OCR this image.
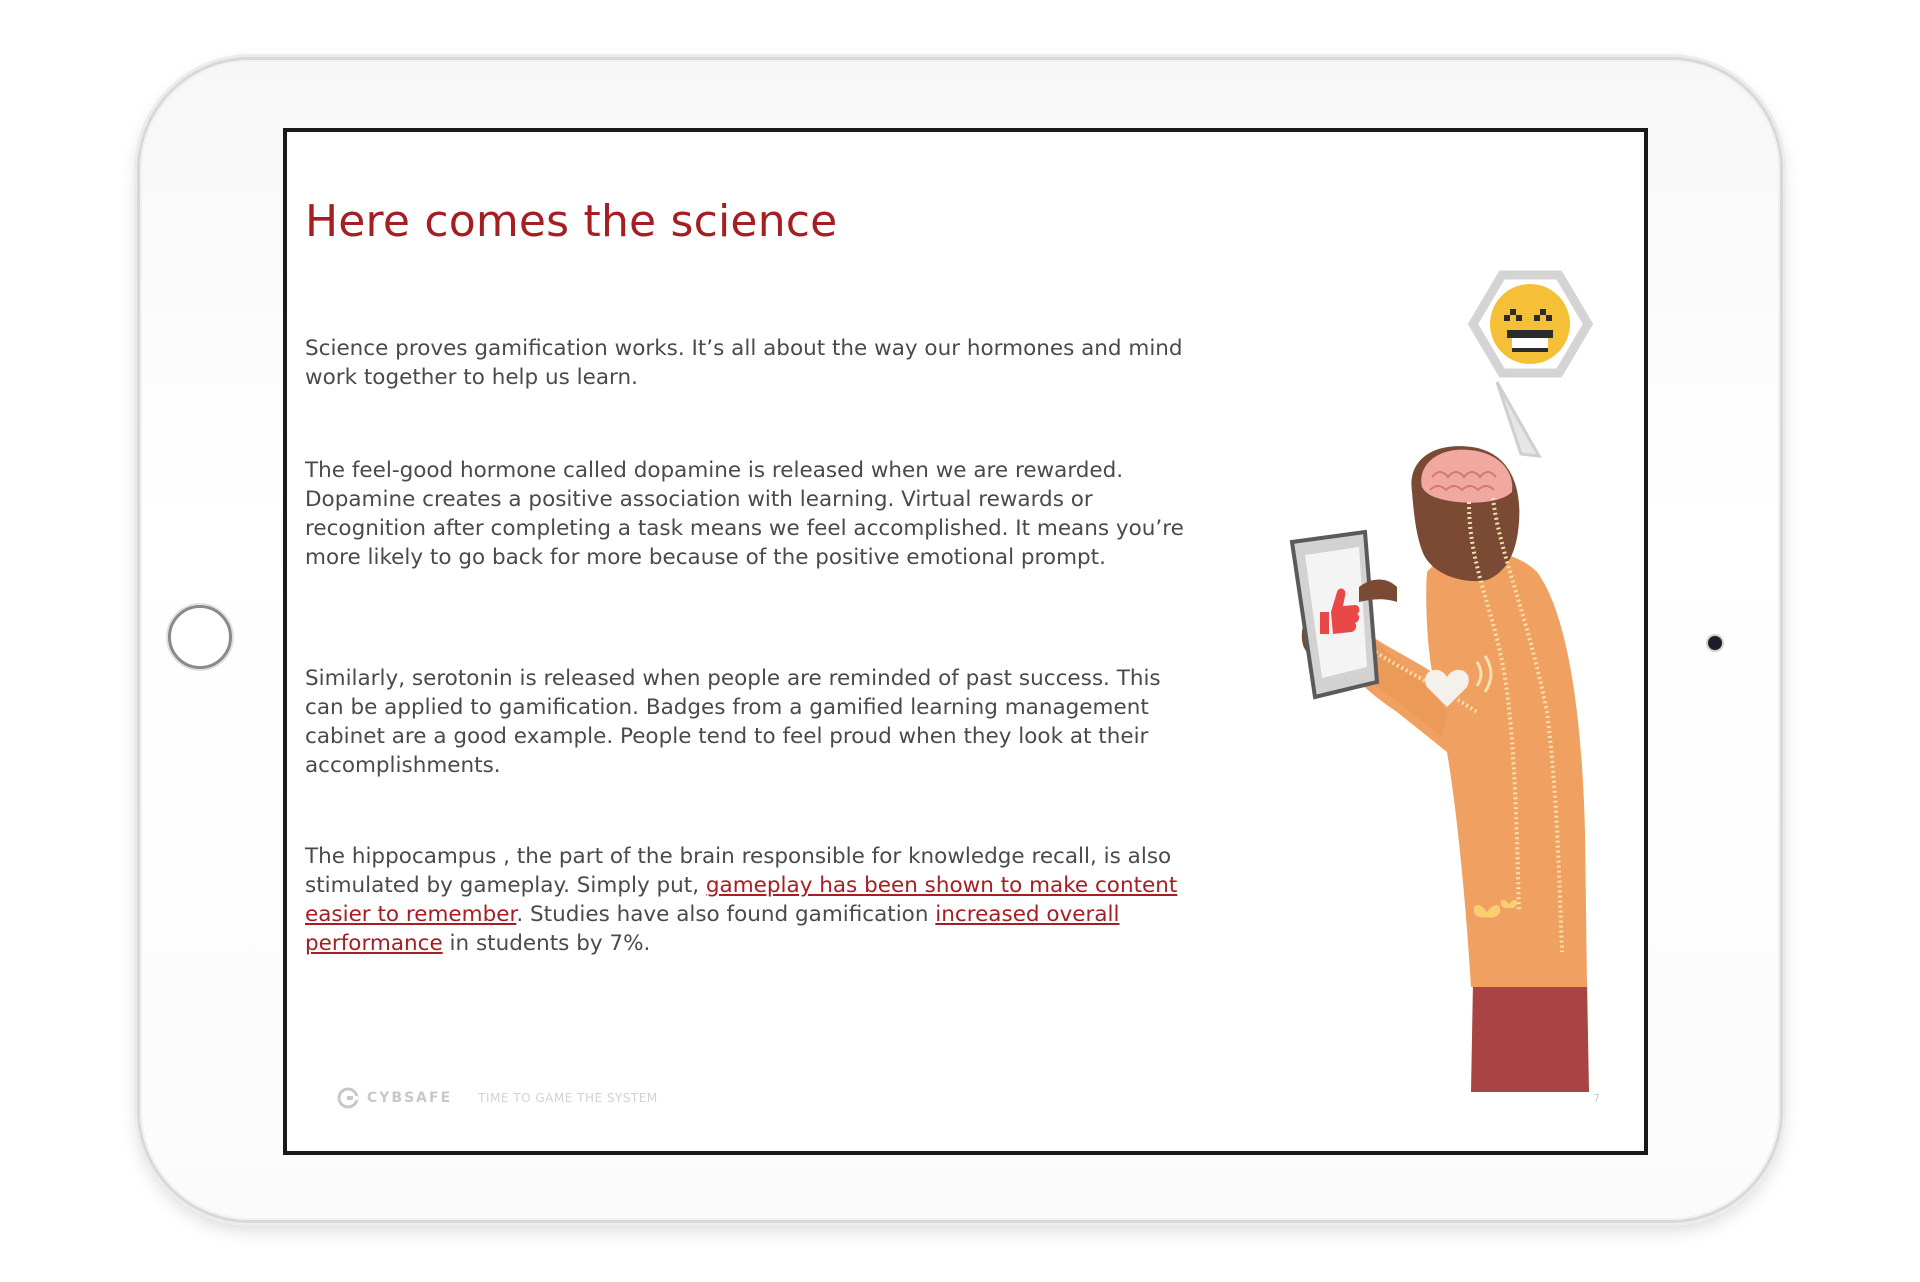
Here comes the science

Science proves gamification works. It’s all about the way our hormones and mind work together to help us learn.

The feel-good hormone called dopamine is released when we are rewarded. Dopamine creates a positive association with learning. Virtual rewards or recognition after completing a task means we feel accomplished. It means you’re more likely to go back for more because of the positive emotional prompt.

Similarly, serotonin is released when people are reminded of past success. This can be applied to gamification. Badges from a gamified learning management cabinet are a good example. People tend to feel proud when they look at their accomplishments.

The hippocampus , the part of the brain responsible for knowledge recall, is also stimulated by gameplay. Simply put, gameplay has been shown to make content easier to remember. Studies have also found gamification increased overall performance in students by 7%.

CYBSAFE TIME TO GAME THE SYSTEM	7
